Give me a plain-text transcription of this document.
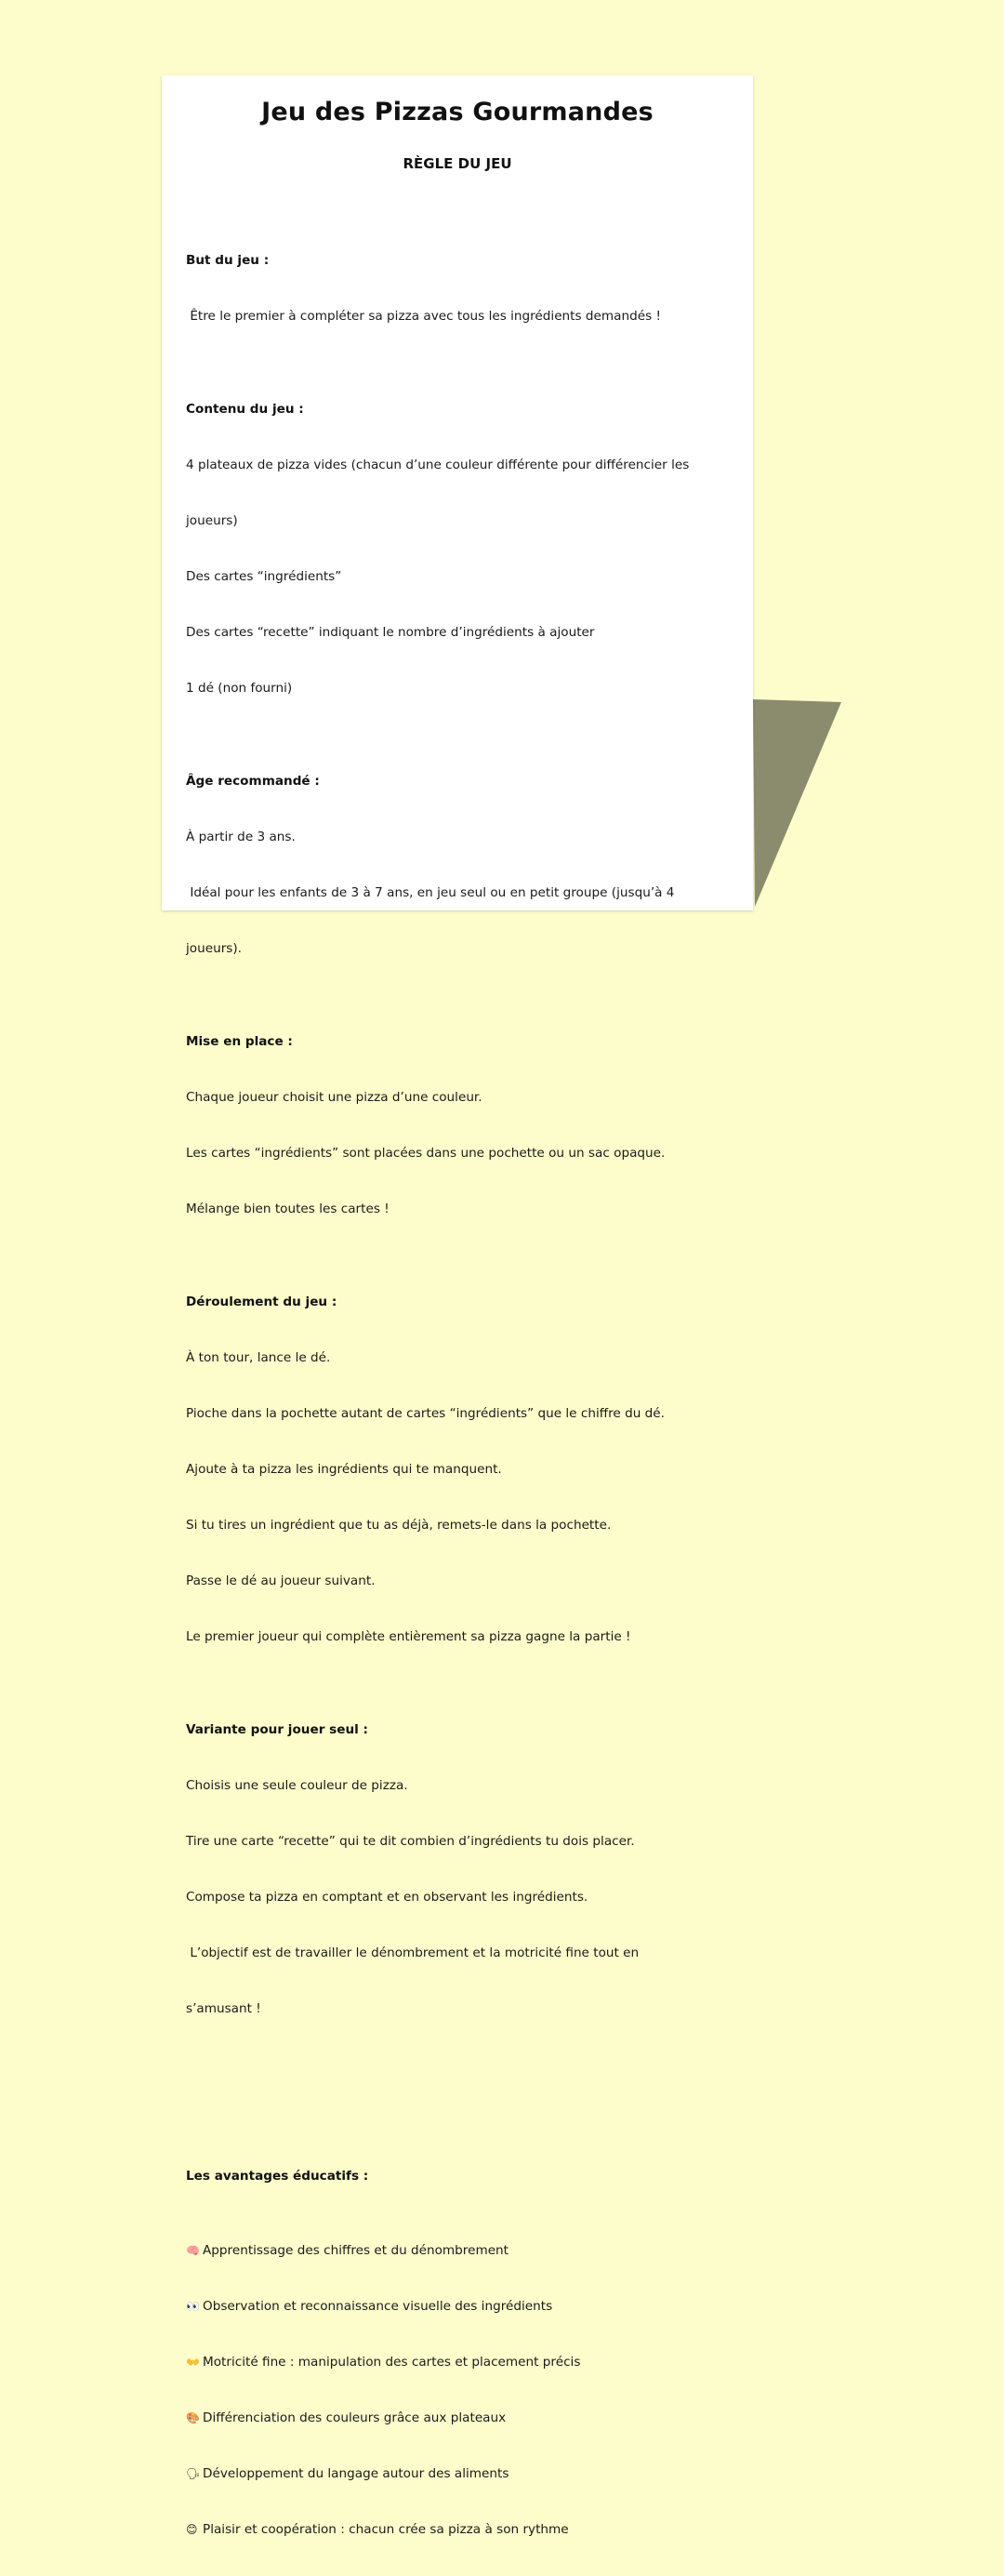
Jeu des Pizzas Gourmandes
RÈGLE DU JEU

But du jeu :

Être le premier à compléter sa pizza avec tous les ingrédients demandés !

Contenu du jeu :

4 plateaux de pizza vides (chacun d’une couleur différente pour différencier les

joueurs)

Des cartes “ingrédients”

Des cartes “recette” indiquant le nombre d’ingrédients à ajouter

1 dé (non fourni)

Âge recommandé :

À partir de 3 ans.

Idéal pour les enfants de 3 à 7 ans, en jeu seul ou en petit groupe (jusqu’à 4

joueurs).

Mise en place :

Chaque joueur choisit une pizza d’une couleur.

Les cartes “ingrédients” sont placées dans une pochette ou un sac opaque.

Mélange bien toutes les cartes !

Déroulement du jeu :

À ton tour, lance le dé.

Pioche dans la pochette autant de cartes “ingrédients” que le chiffre du dé.

Ajoute à ta pizza les ingrédients qui te manquent.

Si tu tires un ingrédient que tu as déjà, remets-le dans la pochette.

Passe le dé au joueur suivant.

Le premier joueur qui complète entièrement sa pizza gagne la partie !

Variante pour jouer seul :

Choisis une seule couleur de pizza.

Tire une carte “recette” qui te dit combien d’ingrédients tu dois placer.

Compose ta pizza en comptant et en observant les ingrédients.

L’objectif est de travailler le dénombrement et la motricité fine tout en

s’amusant !

Les avantages éducatifs :

🧠 Apprentissage des chiffres et du dénombrement

👀 Observation et reconnaissance visuelle des ingrédients

👐 Motricité fine : manipulation des cartes et placement précis

🎨 Différenciation des couleurs grâce aux plateaux

🗣 Développement du langage autour des aliments

😊 Plaisir et coopération : chacun crée sa pizza à son rythme
